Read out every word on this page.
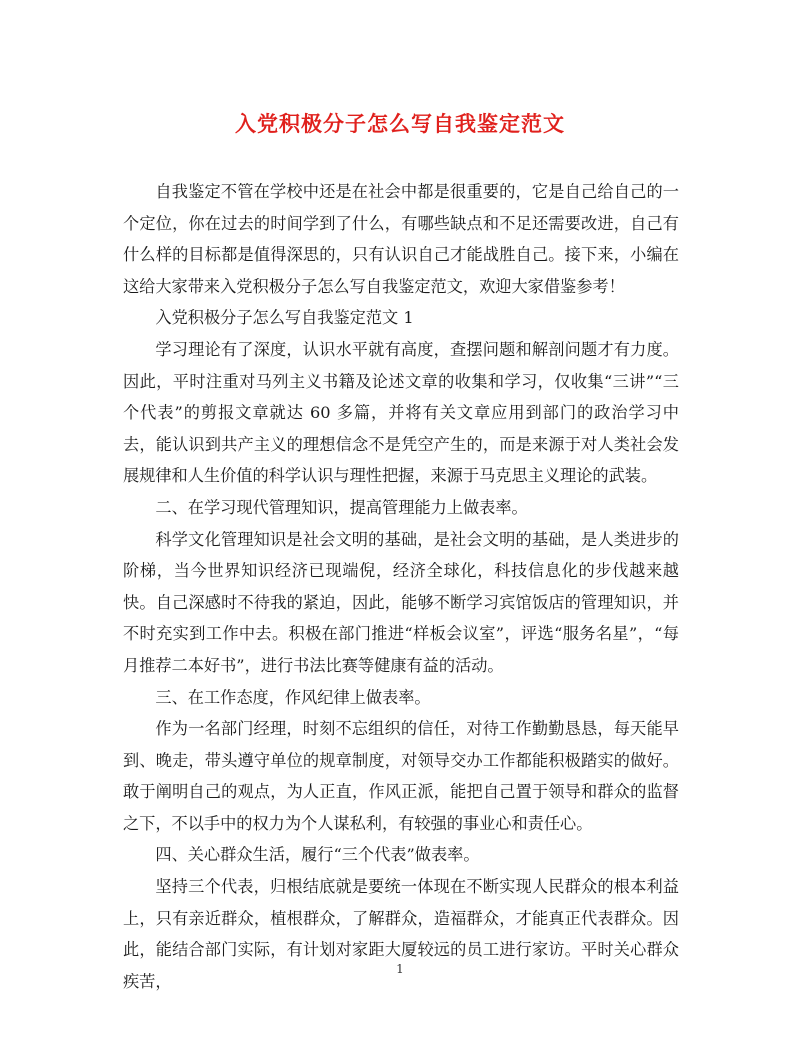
入党积极分子怎么写自我鉴定范文

自我鉴定不管在学校中还是在社会中都是很重要的，它是自己给自己的一个定位，你在过去的时间学到了什么，有哪些缺点和不足还需要改进，自己有什么样的目标都是值得深思的，只有认识自己才能战胜自己。接下来，小编在这给大家带来入党积极分子怎么写自我鉴定范文，欢迎大家借鉴参考！

入党积极分子怎么写自我鉴定范文 1

学习理论有了深度，认识水平就有高度，查摆问题和解剖问题才有力度。因此，平时注重对马列主义书籍及论述文章的收集和学习，仅收集“三讲”“三个代表”的剪报文章就达 60 多篇，并将有关文章应用到部门的政治学习中去，能认识到共产主义的理想信念不是凭空产生的，而是来源于对人类社会发展规律和人生价值的科学认识与理性把握，来源于马克思主义理论的武装。

二、在学习现代管理知识，提高管理能力上做表率。

科学文化管理知识是社会文明的基础，是社会文明的基础，是人类进步的阶梯，当今世界知识经济已现端倪，经济全球化，科技信息化的步伐越来越快。自己深感时不待我的紧迫，因此，能够不断学习宾馆饭店的管理知识，并不时充实到工作中去。积极在部门推进“样板会议室”，评选“服务名星”，“每月推荐二本好书”，进行书法比赛等健康有益的活动。

三、在工作态度，作风纪律上做表率。

作为一名部门经理，时刻不忘组织的信任，对待工作勤勤恳恳，每天能早到、晚走，带头遵守单位的规章制度，对领导交办工作都能积极踏实的做好。敢于阐明自己的观点，为人正直，作风正派，能把自己置于领导和群众的监督之下，不以手中的权力为个人谋私利，有较强的事业心和责任心。

四、关心群众生活，履行“三个代表”做表率。

坚持三个代表，归根结底就是要统一体现在不断实现人民群众的根本利益上，只有亲近群众，植根群众，了解群众，造福群众，才能真正代表群众。因此，能结合部门实际，有计划对家距大厦较远的员工进行家访。平时关心群众疾苦，

1
